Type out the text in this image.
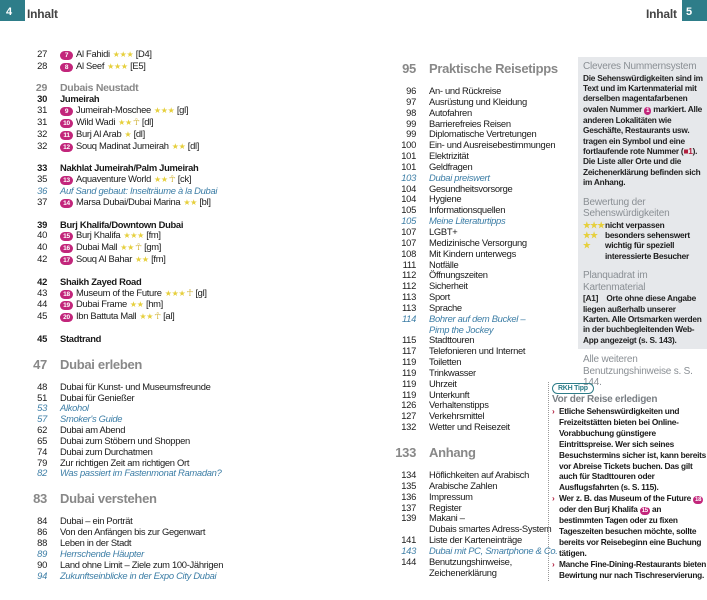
4 Inhalt	Inhalt 5
27	7 Al Fahidi ★★★ [D4]
28	8 Al Seef ★★★ [E5]
29 Dubais Neustadt
30 Jumeirah
31	9 Jumeirah-Moschee ★★★ [gl]
31	10 Wild Wadi ★★☥ [dl]
32	11 Burj Al Arab ★ [dl]
32	12 Souq Madinat Jumeirah ★★ [dl]
33 Nakhlat Jumeirah/Palm Jumeirah
35	13 Aquaventure World ★★☥ [ck]
36 Auf Sand gebaut: Inselträume à la Dubai
37	14 Marsa Dubai/Dubai Marina ★★ [bl]
39 Burj Khalifa/Downtown Dubai
40	15 Burj Khalifa ★★★ [fm]
40	16 Dubai Mall ★★☥ [gm]
42	17 Souq Al Bahar ★★ [fm]
42 Shaikh Zayed Road
43	18 Museum of the Future ★★★☥ [gl]
44	19 Dubai Frame ★★ [hm]
45	20 Ibn Battuta Mall ★★☥ [al]
45 Stadtrand
47 Dubai erleben
48 Dubai für Kunst- und Museumsfreunde
51 Dubai für Genießer
53 Alkohol
57 Smoker's Guide
62 Dubai am Abend
65 Dubai zum Stöbern und Shoppen
74 Dubai zum Durchatmen
79 Zur richtigen Zeit am richtigen Ort
82 Was passiert im Fastenmonat Ramadan?
83 Dubai verstehen
84 Dubai – ein Porträt
86 Von den Anfängen bis zur Gegenwart
88 Leben in der Stadt
89 Herrschende Häupter
90 Land ohne Limit – Ziele zum 100-Jährigen
94 Zukunftseinblicke in der Expo City Dubai
95 Praktische Reisetipps
96 An- und Rückreise
97 Ausrüstung und Kleidung
98 Autofahren
99 Barrierefreies Reisen
99 Diplomatische Vertretungen
100 Ein- und Ausreisebestimmungen
101 Elektrizität
101 Geldfragen
103 Dubai preiswert
104 Gesundheitsvorsorge
104 Hygiene
105 Informationsquellen
105 Meine Literaturtipps
107 LGBT+
107 Medizinische Versorgung
108 Mit Kindern unterwegs
111 Notfälle
112 Öffnungszeiten
112 Sicherheit
113 Sport
113 Sprache
114 Bohrer auf dem Buckel –
Pimp the Jockey
115 Stadttouren
117 Telefonieren und Internet
119 Toiletten
119 Trinkwasser
119 Uhrzeit
119 Unterkunft
126 Verhaltenstipps
127 Verkehrsmittel
132 Wetter und Reisezeit
133 Anhang
134 Höflichkeiten auf Arabisch
135 Arabische Zahlen
136 Impressum
137 Register
139 Makani –
Dubais smartes Adress-System
141 Liste der Karteneinträge
143 Dubai mit PC, Smartphone & Co.
144 Benutzungshinweise,
Zeichenerklärung
Cleveres Nummernsystem
Die Sehenswürdigkeiten sind im Text und im Kartenmaterial mit derselben magentafarbenen ovalen Nummer 1 markiert. Alle anderen Lokalitäten wie Geschäfte, Restaurants usw. tragen ein Symbol und eine fortlaufende rote Nummer (■1). Die Liste aller Orte und die Zeichenerklärung befinden sich im Anhang.
Bewertung der Sehenswürdigkeiten
★★★ nicht verpassen
★★ besonders sehenswert
★	wichtig für speziell interessierte Besucher
Planquadrat im Kartenmaterial
[A1]    Orte ohne diese Angabe liegen außerhalb unserer Karten. Alle Ortsmarken werden in der buchbegleitenden Web-App angezeigt (s. S. 143).
Alle weiteren Benutzungshinweise s. S. 144.
RKH Tipp
Vor der Reise erledigen
› Etliche Sehenswürdigkeiten und Freizeitstätten bieten bei Online-Vorabbuchung günstigere Eintrittspreise. Wer sich seines Besuchstermins sicher ist, kann bereits vor Abreise Tickets buchen. Das gilt auch für Stadttouren oder Ausflugsfahrten (s. S. 115).
› Wer z. B. das Museum of the Future 18 oder den Burj Khalifa 15 an bestimmten Tagen oder zu fixen Tageszeiten besuchen möchte, sollte bereits vor Reisebeginn eine Buchung tätigen.
› Manche Fine-Dining-Restaurants bieten Bewirtung nur nach Tischreservierung.
